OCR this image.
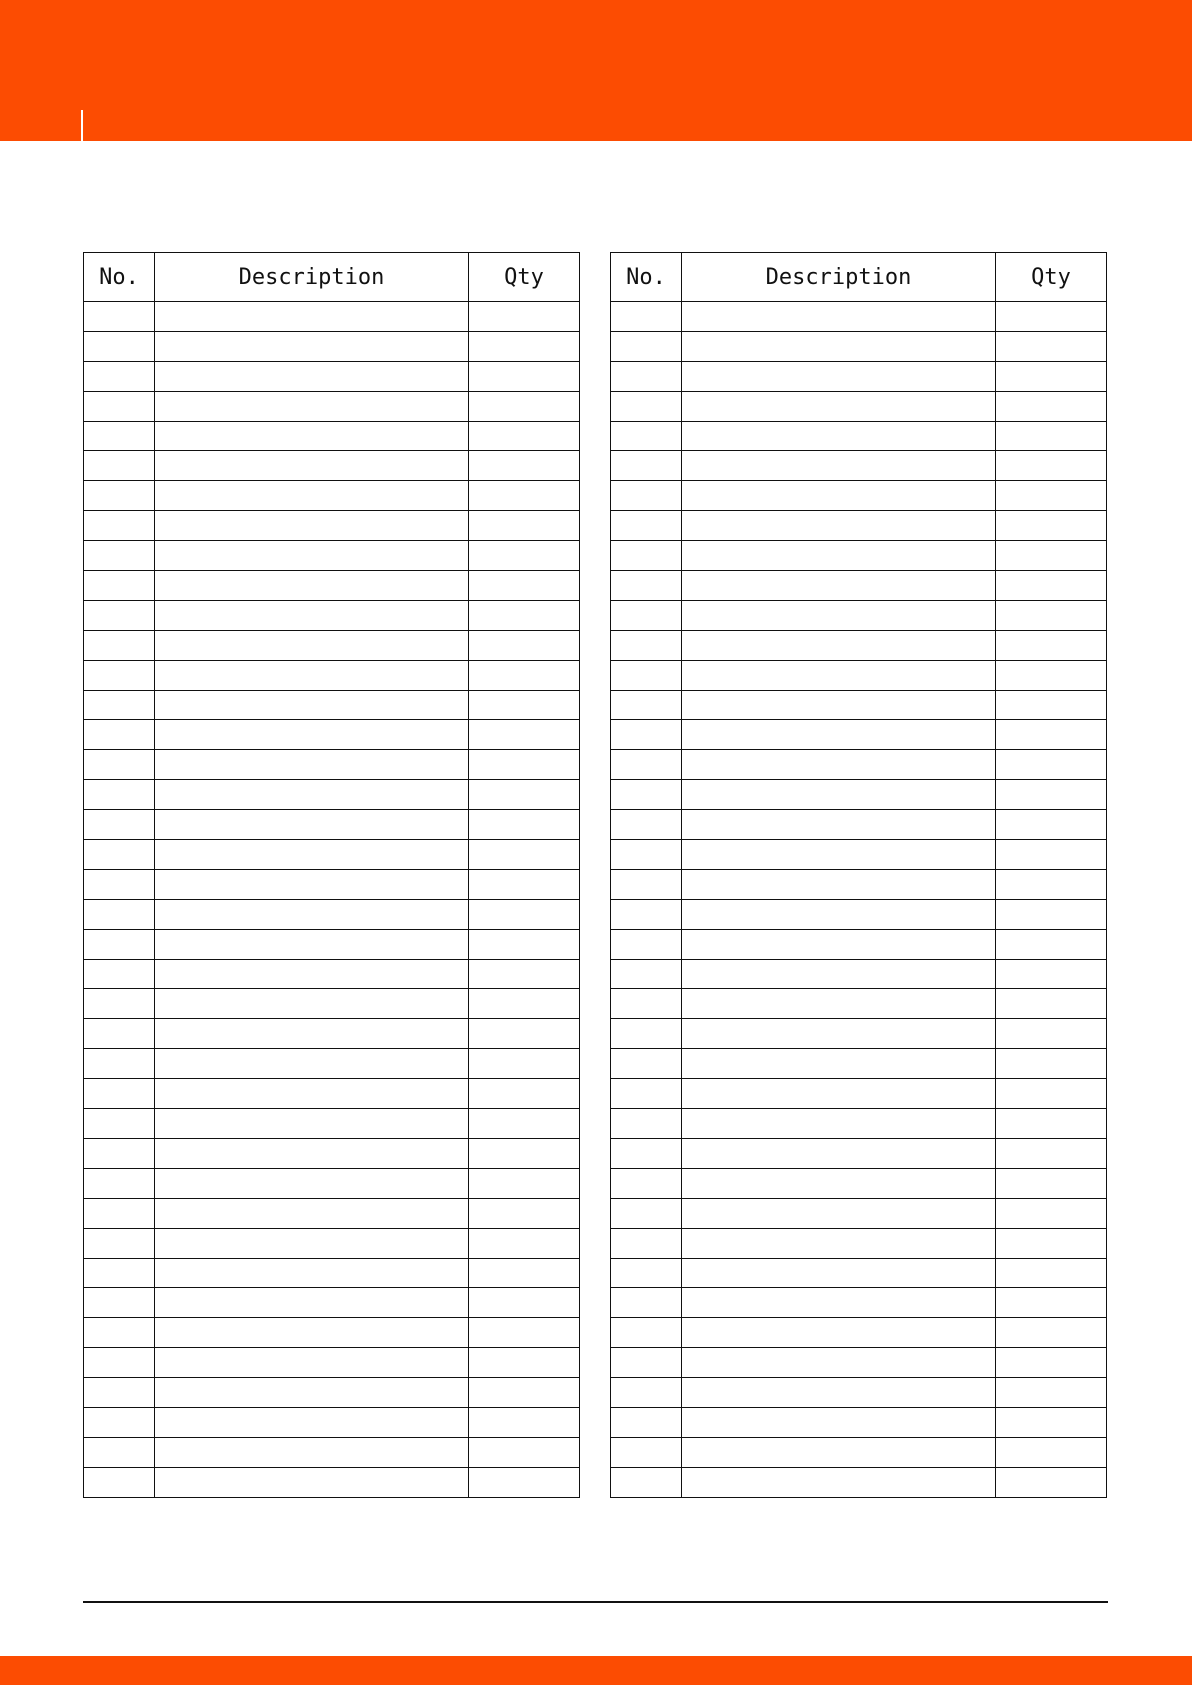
No.	Description	Qty

			No.	Description	Qty
